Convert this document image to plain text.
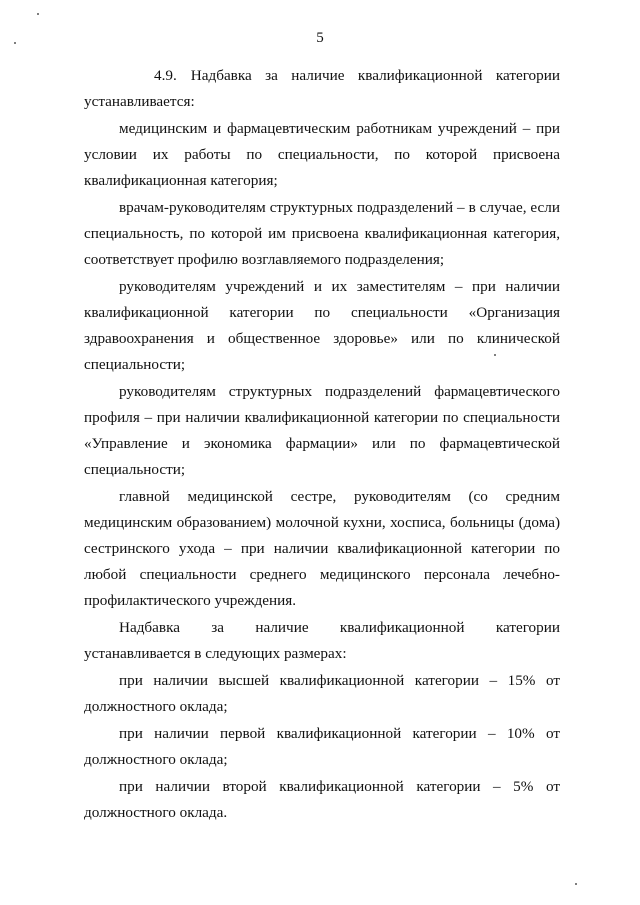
5

4.9. Надбавка за наличие квалификационной категории устанавливается:

медицинским и фармацевтическим работникам учреждений – при условии их работы по специальности, по которой присвоена квалификационная категория;

врачам-руководителям структурных подразделений – в случае, если специальность, по которой им присвоена квалификационная категория, соответствует профилю возглавляемого подразделения;

руководителям учреждений и их заместителям – при наличии квалификационной категории по специальности «Организация здравоохранения и общественное здоровье» или по клинической специальности;

руководителям структурных подразделений фармацевтического профиля – при наличии квалификационной категории по специальности «Управление и экономика фармации» или по фармацевтической специальности;

главной медицинской сестре, руководителям (со средним медицинским образованием) молочной кухни, хосписа, больницы (дома) сестринского ухода – при наличии квалификационной категории по любой специальности среднего медицинского персонала лечебно-профилактического учреждения.

Надбавка за наличие квалификационной категории устанавливается в следующих размерах:

при наличии высшей квалификационной категории – 15% от должностного оклада;

при наличии первой квалификационной категории – 10% от должностного оклада;

при наличии второй квалификационной категории – 5% от должностного оклада.
